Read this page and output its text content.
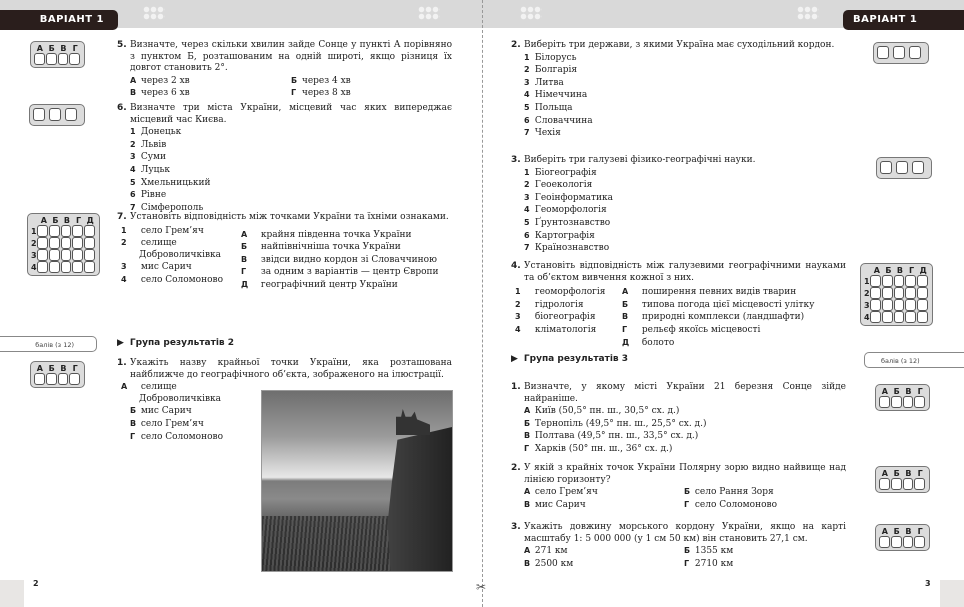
ВАРІАНТ 1	ВАРІАНТ 1
✂
А Б В Г	5. Визначте, через скільки хвилин зайде Сонце у пункті А порівняно з пунктом Б, розташованим на одній широті, якщо різниця їх довгот становить 2°.
А через 2 хв	Б через 4 хв
В через 6 хв	Г через 8 хв
6. Визначте три міста України, місцевий час яких випереджає місцевий час Києва.
1 Донецьк
2 Львів
3 Суми
4 Луцьк
5 Хмельницький
6 Рівне
7 Сімферополь
А Б В Г Д
1
2
3
4
7. Установіть відповідність між точками України та їхніми ознаками.
1 село Грем’яч
2 селище Доброволичківка
3 мис Сарич
4 село Соломоново
А крайня південна точка України
Б найпівнічніша точка України
В звідси видно кордон зі Словаччиною
Г за одним з варіантів — центр Європи
Д географічний центр України
балів (з 12)	▶ Група результатів 2
А Б В Г
1. Укажіть назву крайньої точки України, яка розташована найближче до географічного об’єкта, зображеного на ілюстрації.
А селище Доброволичківка
Б мис Сарич
В село Грем’яч
Г село Соломоново
2
2. Виберіть три держави, з якими Україна має суходільний кордон.
1 Білорусь
2 Болгарія
3 Литва
4 Німеччина
5 Польща
6 Словаччина
7 Чехія
3. Виберіть три галузеві фізико-географічні науки.
1 Біогеографія
2 Геоекологія
3 Геоінформатика
4 Геоморфологія
5 Ґрунтознавство
6 Картографія
7 Країнознавство
4. Установіть відповідність між галузевими географічними науками та об’єктом вивчення кожної з них.
1 геоморфологія
2 гідрологія
3 біогеографія
4 кліматологія
А поширення певних видів тварин
Б типова погода цієї місцевості улітку
В природні комплекси (ландшафти)
Г рельєф якоїсь місцевості
Д болото
А Б В Г Д
1
2
3
4
▶ Група результатів 3	балів (з 12)
1. Визначте, у якому місті України 21 березня Сонце зійде найраніше.
А Київ (50,5° пн. ш., 30,5° сх. д.)
Б Тернопіль (49,5° пн. ш., 25,5° сх. д.)
В Полтава (49,5° пн. ш., 33,5° сх. д.)
Г Харків (50° пн. ш., 36° сх. д.)
А Б В Г
2. У якій з крайніх точок України Полярну зорю видно найвище над лінією горизонту?
А село Грем’яч	Б село Рання Зоря
В мис Сарич	Г село Соломоново
А Б В Г
3. Укажіть довжину морського кордону України, якщо на карті масштабу 1: 5 000 000 (у 1 см 50 км) він становить 27,1 см.
А 271 км	Б 1355 км
В 2500 км	Г 2710 км
А Б В Г
3
